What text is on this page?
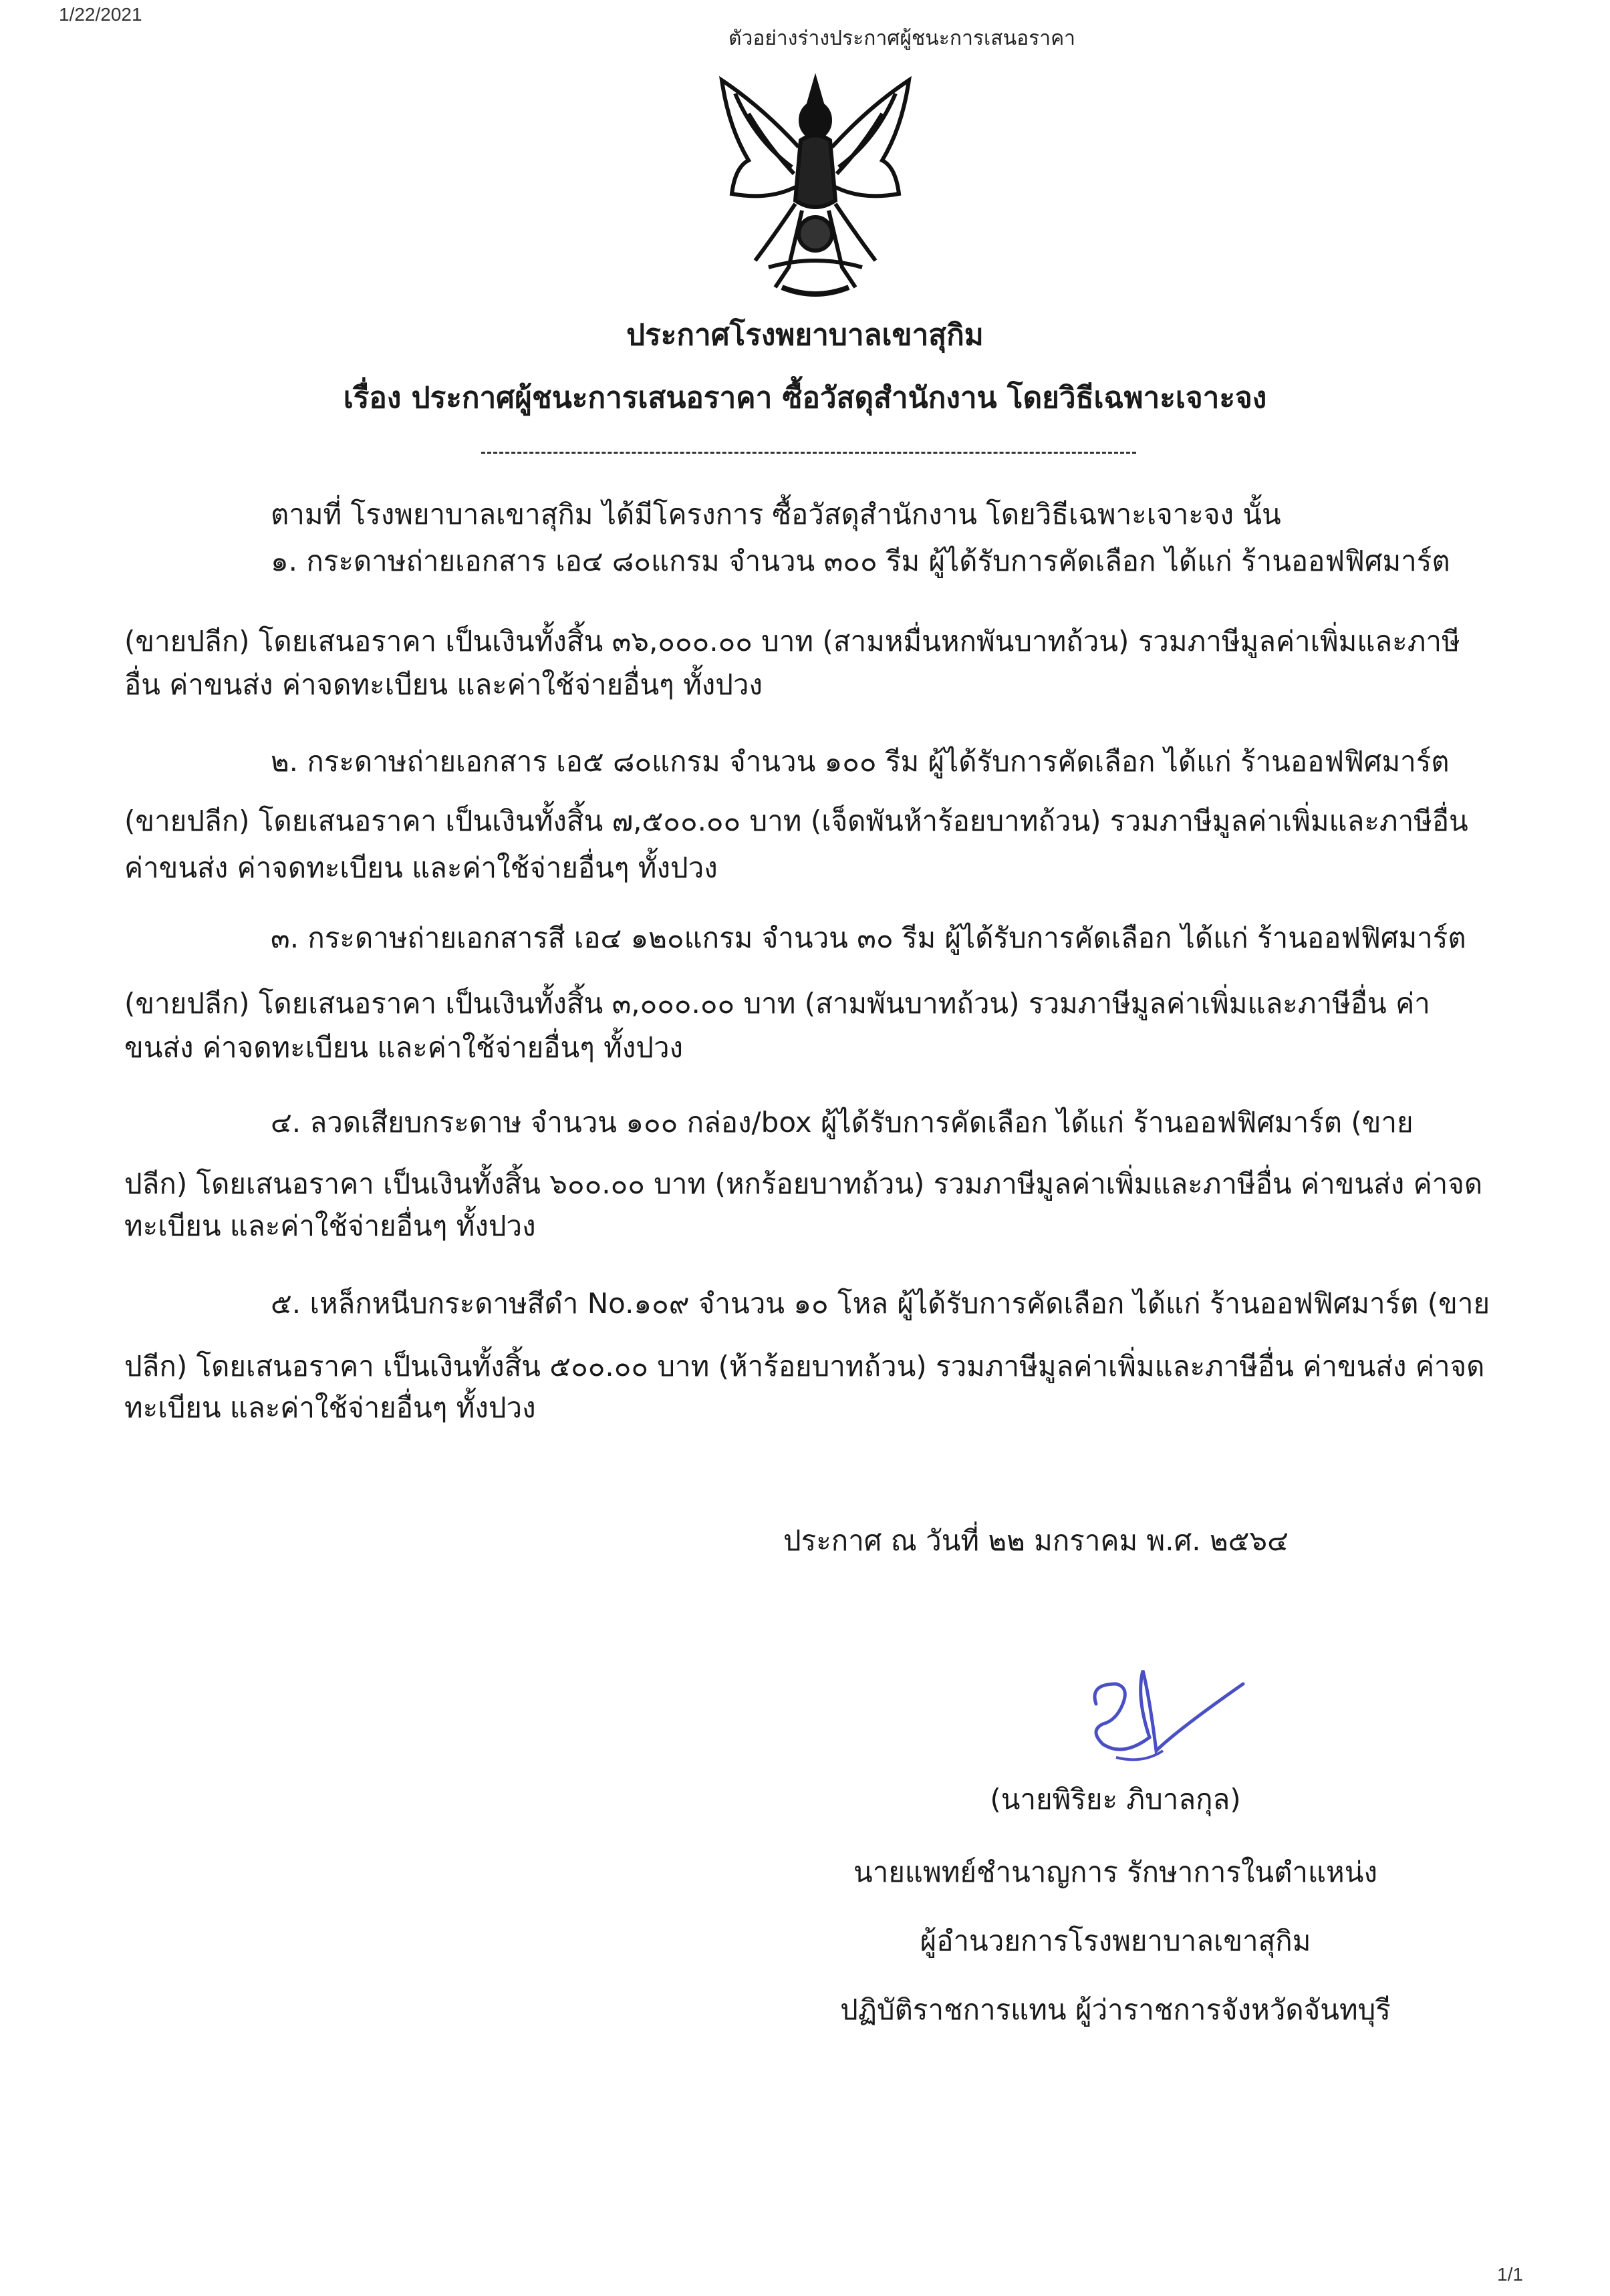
1/22/2021
ตัวอย่างร่างประกาศผู้ชนะการเสนอราคา
ประกาศโรงพยาบาลเขาสุกิม
เรื่อง ประกาศผู้ชนะการเสนอราคา ซื้อวัสดุสำนักงาน โดยวิธีเฉพาะเจาะจง
ตามที่ โรงพยาบาลเขาสุกิม ได้มีโครงการ ซื้อวัสดุสำนักงาน โดยวิธีเฉพาะเจาะจง นั้น
๑. กระดาษถ่ายเอกสาร เอ๔ ๘๐แกรม จำนวน ๓๐๐ รีม ผู้ได้รับการคัดเลือก ได้แก่ ร้านออฟฟิศมาร์ต
(ขายปลีก) โดยเสนอราคา เป็นเงินทั้งสิ้น ๓๖,๐๐๐.๐๐ บาท (สามหมื่นหกพันบาทถ้วน) รวมภาษีมูลค่าเพิ่มและภาษี
อื่น ค่าขนส่ง ค่าจดทะเบียน และค่าใช้จ่ายอื่นๆ ทั้งปวง
๒. กระดาษถ่ายเอกสาร เอ๕ ๘๐แกรม จำนวน ๑๐๐ รีม ผู้ได้รับการคัดเลือก ได้แก่ ร้านออฟฟิศมาร์ต
(ขายปลีก) โดยเสนอราคา เป็นเงินทั้งสิ้น ๗,๕๐๐.๐๐ บาท (เจ็ดพันห้าร้อยบาทถ้วน) รวมภาษีมูลค่าเพิ่มและภาษีอื่น
ค่าขนส่ง ค่าจดทะเบียน และค่าใช้จ่ายอื่นๆ ทั้งปวง
๓. กระดาษถ่ายเอกสารสี เอ๔ ๑๒๐แกรม จำนวน ๓๐ รีม ผู้ได้รับการคัดเลือก ได้แก่ ร้านออฟฟิศมาร์ต
(ขายปลีก) โดยเสนอราคา เป็นเงินทั้งสิ้น ๓,๐๐๐.๐๐ บาท (สามพันบาทถ้วน) รวมภาษีมูลค่าเพิ่มและภาษีอื่น ค่า
ขนส่ง ค่าจดทะเบียน และค่าใช้จ่ายอื่นๆ ทั้งปวง
๔. ลวดเสียบกระดาษ จำนวน ๑๐๐ กล่อง/box ผู้ได้รับการคัดเลือก ได้แก่ ร้านออฟฟิศมาร์ต (ขาย
ปลีก) โดยเสนอราคา เป็นเงินทั้งสิ้น ๖๐๐.๐๐ บาท (หกร้อยบาทถ้วน) รวมภาษีมูลค่าเพิ่มและภาษีอื่น ค่าขนส่ง ค่าจด
ทะเบียน และค่าใช้จ่ายอื่นๆ ทั้งปวง
๕. เหล็กหนีบกระดาษสีดำ No.๑๐๙ จำนวน ๑๐ โหล ผู้ได้รับการคัดเลือก ได้แก่ ร้านออฟฟิศมาร์ต (ขาย
ปลีก) โดยเสนอราคา เป็นเงินทั้งสิ้น ๕๐๐.๐๐ บาท (ห้าร้อยบาทถ้วน) รวมภาษีมูลค่าเพิ่มและภาษีอื่น ค่าขนส่ง ค่าจด
ทะเบียน และค่าใช้จ่ายอื่นๆ ทั้งปวง
ประกาศ ณ วันที่ ๒๒ มกราคม พ.ศ. ๒๕๖๔
(นายพิริยะ ภิบาลกุล)
นายแพทย์ชำนาญการ รักษาการในตำแหน่ง
ผู้อำนวยการโรงพยาบาลเขาสุกิม
ปฏิบัติราชการแทน ผู้ว่าราชการจังหวัดจันทบุรี
1/1
